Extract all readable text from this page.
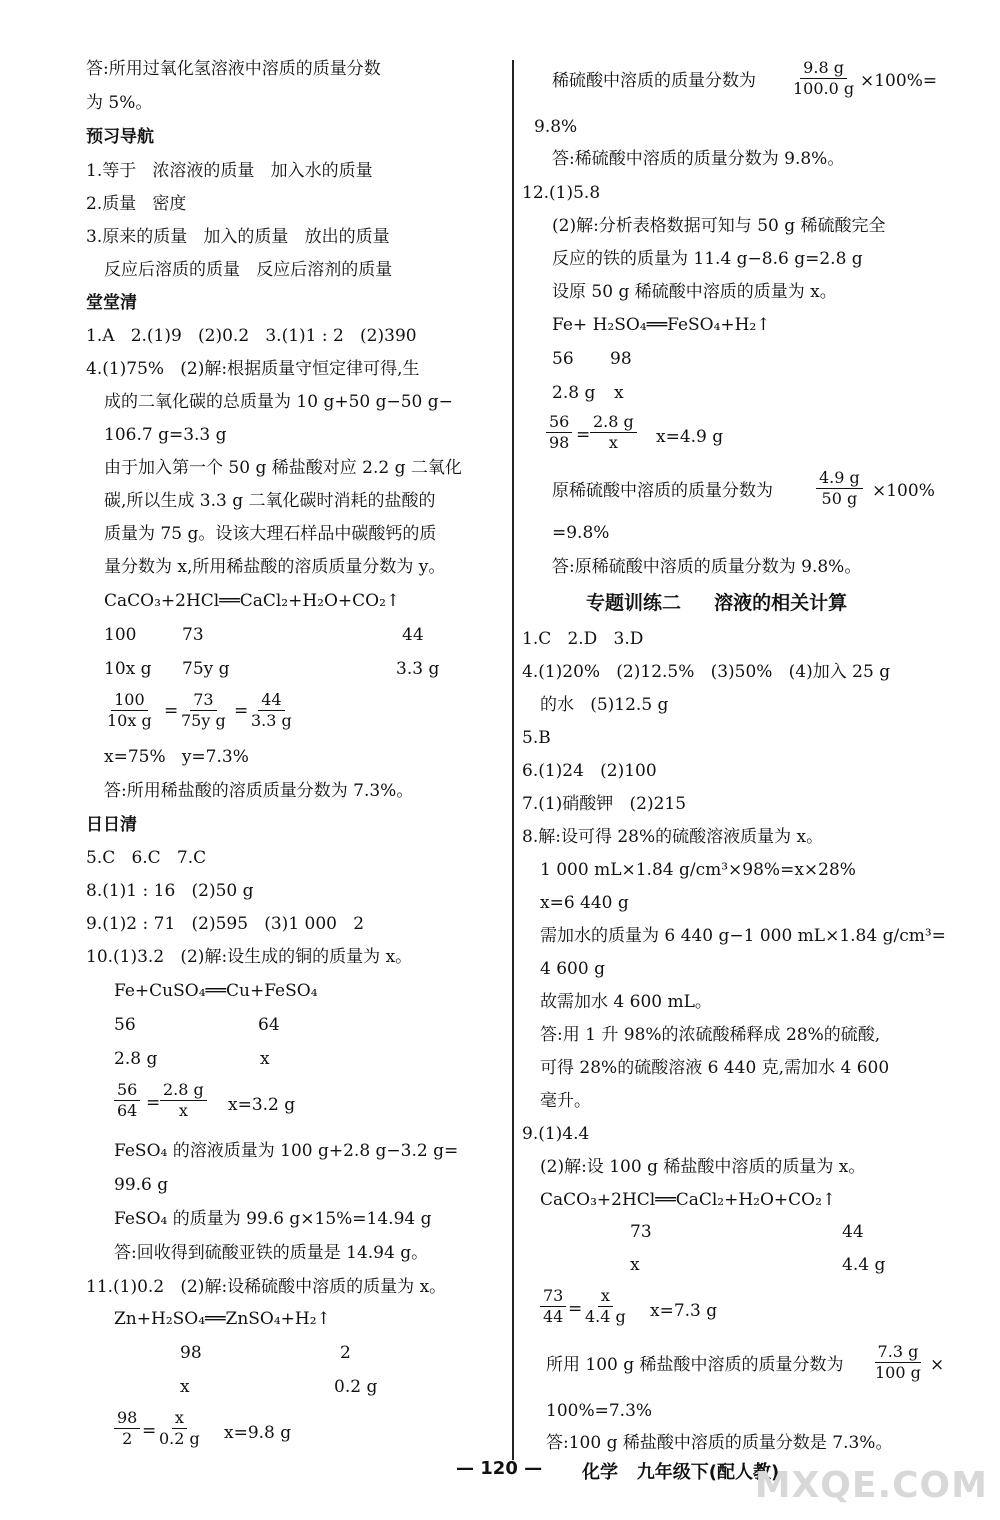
答:所用过氧化氢溶液中溶质的质量分数
为 5%。
预习导航
1.等于   浓溶液的质量   加入水的质量
2.质量   密度
3.原来的质量   加入的质量   放出的质量
反应后溶质的质量   反应后溶剂的质量
堂堂清
1.A   2.(1)9   (2)0.2   3.(1)1 : 2   (2)390
4.(1)75%   (2)解:根据质量守恒定律可得,生
成的二氧化碳的总质量为 10 g+50 g−50 g−
106.7 g=3.3 g
由于加入第一个 50 g 稀盐酸对应 2.2 g 二氧化
碳,所以生成 3.3 g 二氧化碳时消耗的盐酸的
质量为 75 g。设该大理石样品中碳酸钙的质
量分数为 x,所用稀盐酸的溶质质量分数为 y。
CaCO₃+2HCl══CaCl₂+H₂O+CO₂↑
100	73	44
10x g 75y g	3.3 g
$\frac{100}{\text{10x g}} = \frac{73}{\text{75y g}} = \frac{44}{3.3 g}$
x=75%   y=7.3%
答:所用稀盐酸的溶质质量分数为 7.3%。
日日清
5.C   6.C   7.C
8.(1)1 : 16   (2)50 g
9.(1)2 : 71   (2)595   (3)1 000   2
10.(1)3.2   (2)解:设生成的铜的质量为 x。
Fe+CuSO₄══Cu+FeSO₄
56	64
2.8 g	x
$\frac{56}{64} = \frac{2.8 g}{x} x=3.2$ g
FeSO₄ 的溶液质量为 100 g+2.8 g−3.2 g=
99.6 g
FeSO₄ 的质量为 99.6 g×15%=14.94 g
答:回收得到硫酸亚铁的质量是 14.94 g。
11.(1)0.2   (2)解:设稀硫酸中溶质的质量为 x。
Zn+H₂SO₄══ZnSO₄+H₂↑
98	2
x	0.2 g
$\frac{98}{2} = \frac{x}{0.2 g} x=9.8$ g
稀硫酸中溶质的质量分数为 $\frac{9.8 g}{100.0 g} \times 100\%=$
9.8%
答:稀硫酸中溶质的质量分数为 9.8%。
12.(1)5.8
(2)解:分析表格数据可知与 50 g 稀硫酸完全
反应的铁的质量为 11.4 g−8.6 g=2.8 g
设原 50 g 稀硫酸中溶质的质量为 x。
Fe+ H₂SO₄══FeSO₄+H₂↑
56 98
2.8 g x
$\frac{56}{98} = \frac{2.8 g}{x} x=4.9$ g
原稀硫酸中溶质的质量分数为	$\frac{4.9 g}{50 g} \times 100\%$
=9.8%
答:原稀硫酸中溶质的质量分数为 9.8%。
专题训练二     溶液的相关计算
1.C   2.D   3.D
4.(1)20%   (2)12.5%   (3)50%   (4)加入 25 g
的水   (5)12.5 g
5.B
6.(1)24   (2)100
7.(1)硝酸钾   (2)215
8.解:设可得 28%的硫酸溶液质量为 x。
1 000 mL×1.84 g/cm³×98%=x×28%
x=6 440 g
需加水的质量为 6 440 g−1 000 mL×1.84 g/cm³=
4 600 g
故需加水 4 600 mL。
答:用 1 升 98%的浓硫酸稀释成 28%的硫酸,
可得 28%的硫酸溶液 6 440 克,需加水 4 600
毫升。
9.(1)4.4
(2)解:设 100 g 稀盐酸中溶质的质量为 x。
CaCO₃+2HCl══CaCl₂+H₂O+CO₂↑
73	44
x	4.4 g
$\frac{73}{44} = \frac{x}{4.4 g} x=7.3$ g
所用 100 g 稀盐酸中溶质的质量分数为 $\frac{7.3 g}{100 g}$ ×
100%=7.3%
答:100 g 稀盐酸中溶质的质量分数是 7.3%。
— 120 — 化学   九年级下(配人教)
MXQE.COM
